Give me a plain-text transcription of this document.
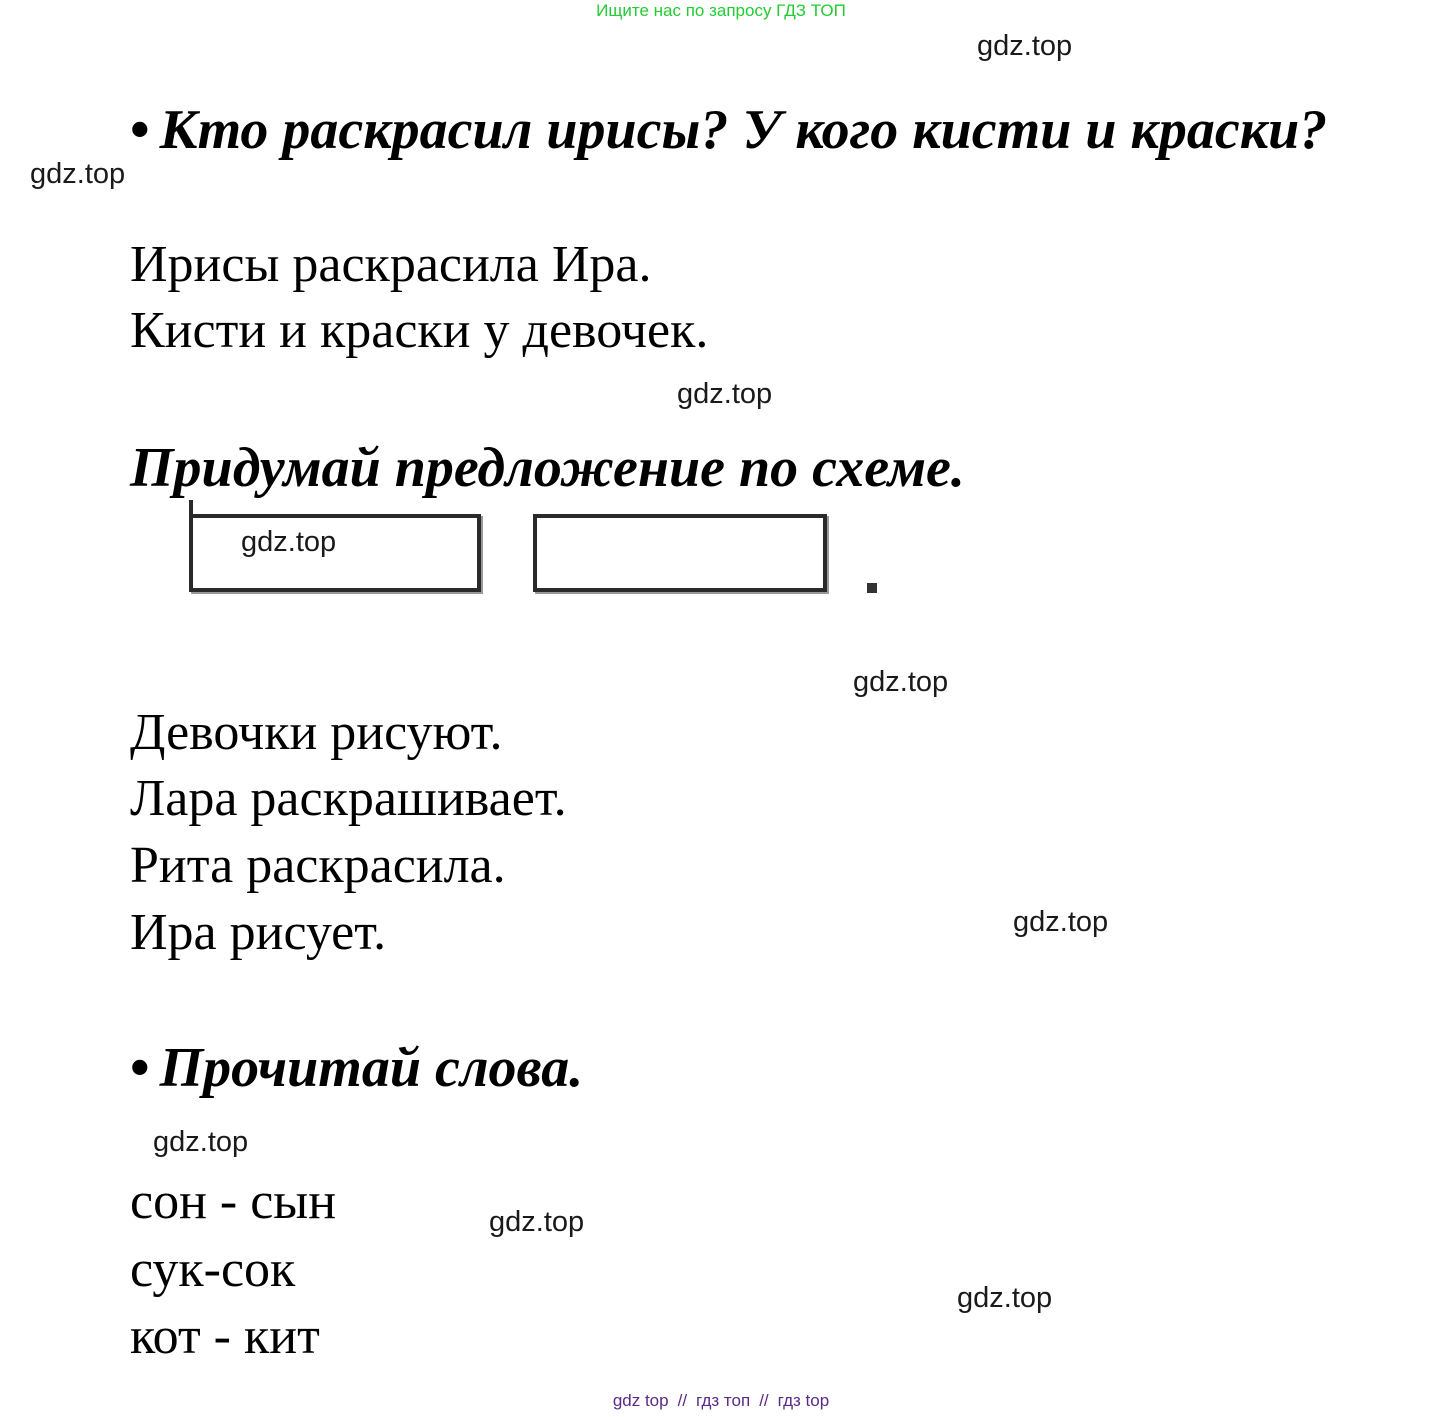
Ищите нас по запросу ГДЗ ТОП
gdz.top
gdz.top
gdz.top
gdz.top
gdz.top
gdz.top
gdz.top
gdz.top
gdz.top
• Кто раскрасил ирисы? У кого кисти и краски?
Ирисы раскрасила Ира.
Кисти и краски у девочек.
Придумай предложение по схеме.
Девочки рисуют.
Лара раскрашивает.
Рита раскрасила.
Ира рисует.
• Прочитай слова.
сон - сын
сук-сок
кот - кит
gdz top // гдз топ // гдз top
